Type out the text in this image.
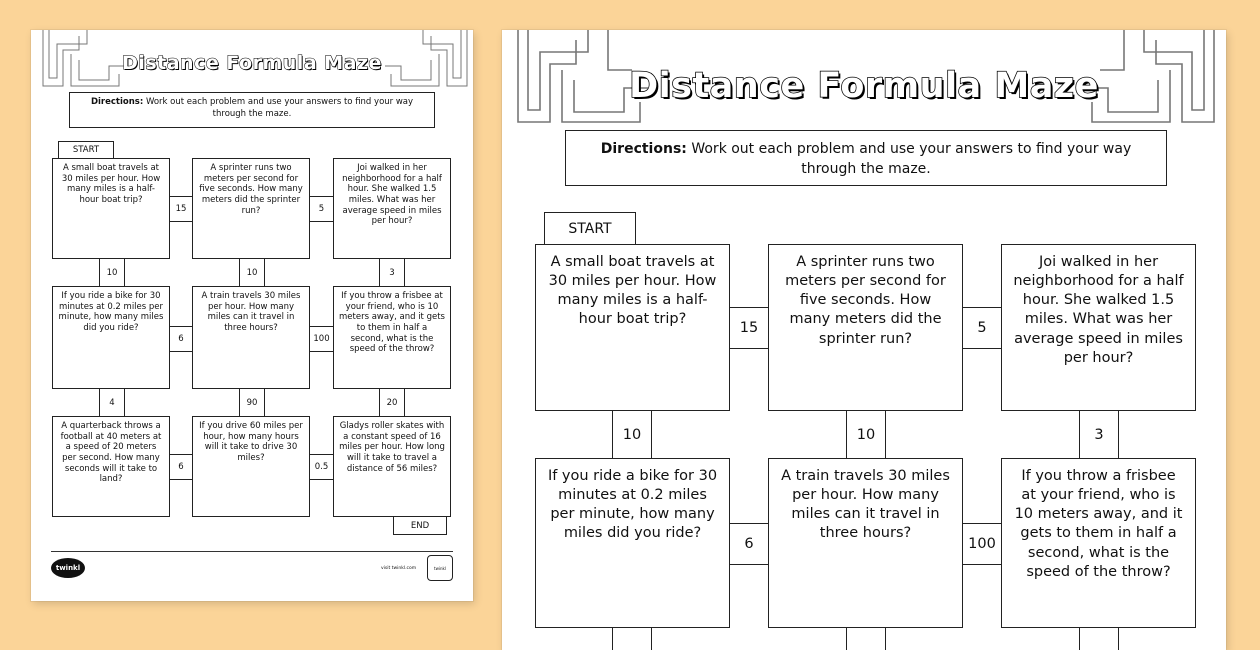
Distance Formula Maze
Directions: Work out each problem and use your answers to find your way through the maze.
START
A small boat travels at 30 miles per hour. How many miles is a half-hour boat trip?
A sprinter runs two meters per second for five seconds. How many meters did the sprinter run?
Joi walked in her neighborhood for a half hour. She walked 1.5 miles. What was her average speed in miles per hour?
15	5
10	10	3
If you ride a bike for 30 minutes at 0.2 miles per minute, how many miles did you ride?
A train travels 30 miles per hour. How many miles can it travel in three hours?
If you throw a frisbee at your friend, who is 10 meters away, and it gets to them in half a second, what is the speed of the throw?
6	100
4	90	20
A quarterback throws a football at 40 meters at a speed of 20 meters per second. How many seconds will it take to land?
If you drive 60 miles per hour, how many hours will it take to drive 30 miles?
Gladys roller skates with a constant speed of 16 miles per hour. How long will it take to travel a distance of 56 miles?
6	0.5
END
twinkl	visit twinkl.com	twinkl
Distance Formula Maze
Directions: Work out each problem and use your answers to find your way through the maze.
START
A small boat travels at 30 miles per hour. How many miles is a half-hour boat trip?
A sprinter runs two meters per second for five seconds. How many meters did the sprinter run?
Joi walked in her neighborhood for a half hour. She walked 1.5 miles. What was her average speed in miles per hour?
15	5
10	10	3
If you ride a bike for 30 minutes at 0.2 miles per minute, how many miles did you ride?
A train travels 30 miles per hour. How many miles can it travel in three hours?
If you throw a frisbee at your friend, who is 10 meters away, and it gets to them in half a second, what is the speed of the throw?
6	100
